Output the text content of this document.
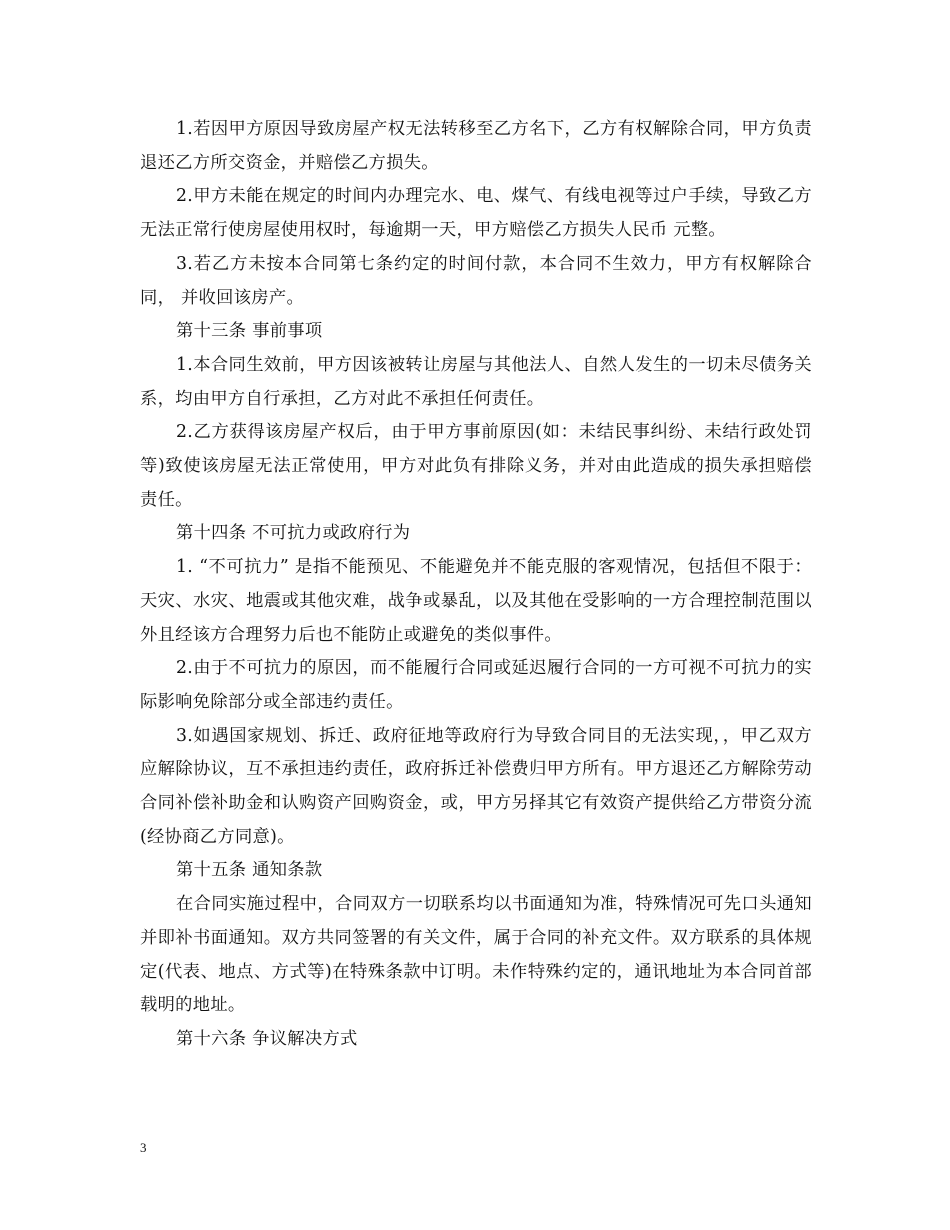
1.若因甲方原因导致房屋产权无法转移至乙方名下，乙方有权解除合同，甲方负责退还乙方所交资金，并赔偿乙方损失。

2.甲方未能在规定的时间内办理完水、电、煤气、有线电视等过户手续，导致乙方无法正常行使房屋使用权时，每逾期一天，甲方赔偿乙方损失人民币 元整。

3.若乙方未按本合同第七条约定的时间付款，本合同不生效力，甲方有权解除合同， 并收回该房产。

第十三条 事前事项

1.本合同生效前，甲方因该被转让房屋与其他法人、自然人发生的一切未尽债务关系，均由甲方自行承担，乙方对此不承担任何责任。

2.乙方获得该房屋产权后，由于甲方事前原因(如：未结民事纠纷、未结行政处罚等)致使该房屋无法正常使用，甲方对此负有排除义务，并对由此造成的损失承担赔偿责任。

第十四条 不可抗力或政府行为

1. “不可抗力” 是指不能预见、不能避免并不能克服的客观情况，包括但不限于：天灾、水灾、地震或其他灾难，战争或暴乱，以及其他在受影响的一方合理控制范围以外且经该方合理努力后也不能防止或避免的类似事件。

2.由于不可抗力的原因，而不能履行合同或延迟履行合同的一方可视不可抗力的实际影响免除部分或全部违约责任。

3.如遇国家规划、拆迁、政府征地等政府行为导致合同目的无法实现，，甲乙双方应解除协议，互不承担违约责任，政府拆迁补偿费归甲方所有。甲方退还乙方解除劳动合同补偿补助金和认购资产回购资金，或，甲方另择其它有效资产提供给乙方带资分流(经协商乙方同意)。

第十五条 通知条款

在合同实施过程中，合同双方一切联系均以书面通知为准，特殊情况可先口头通知并即补书面通知。双方共同签署的有关文件，属于合同的补充文件。双方联系的具体规定(代表、地点、方式等)在特殊条款中订明。未作特殊约定的，通讯地址为本合同首部载明的地址。

第十六条 争议解决方式

3
